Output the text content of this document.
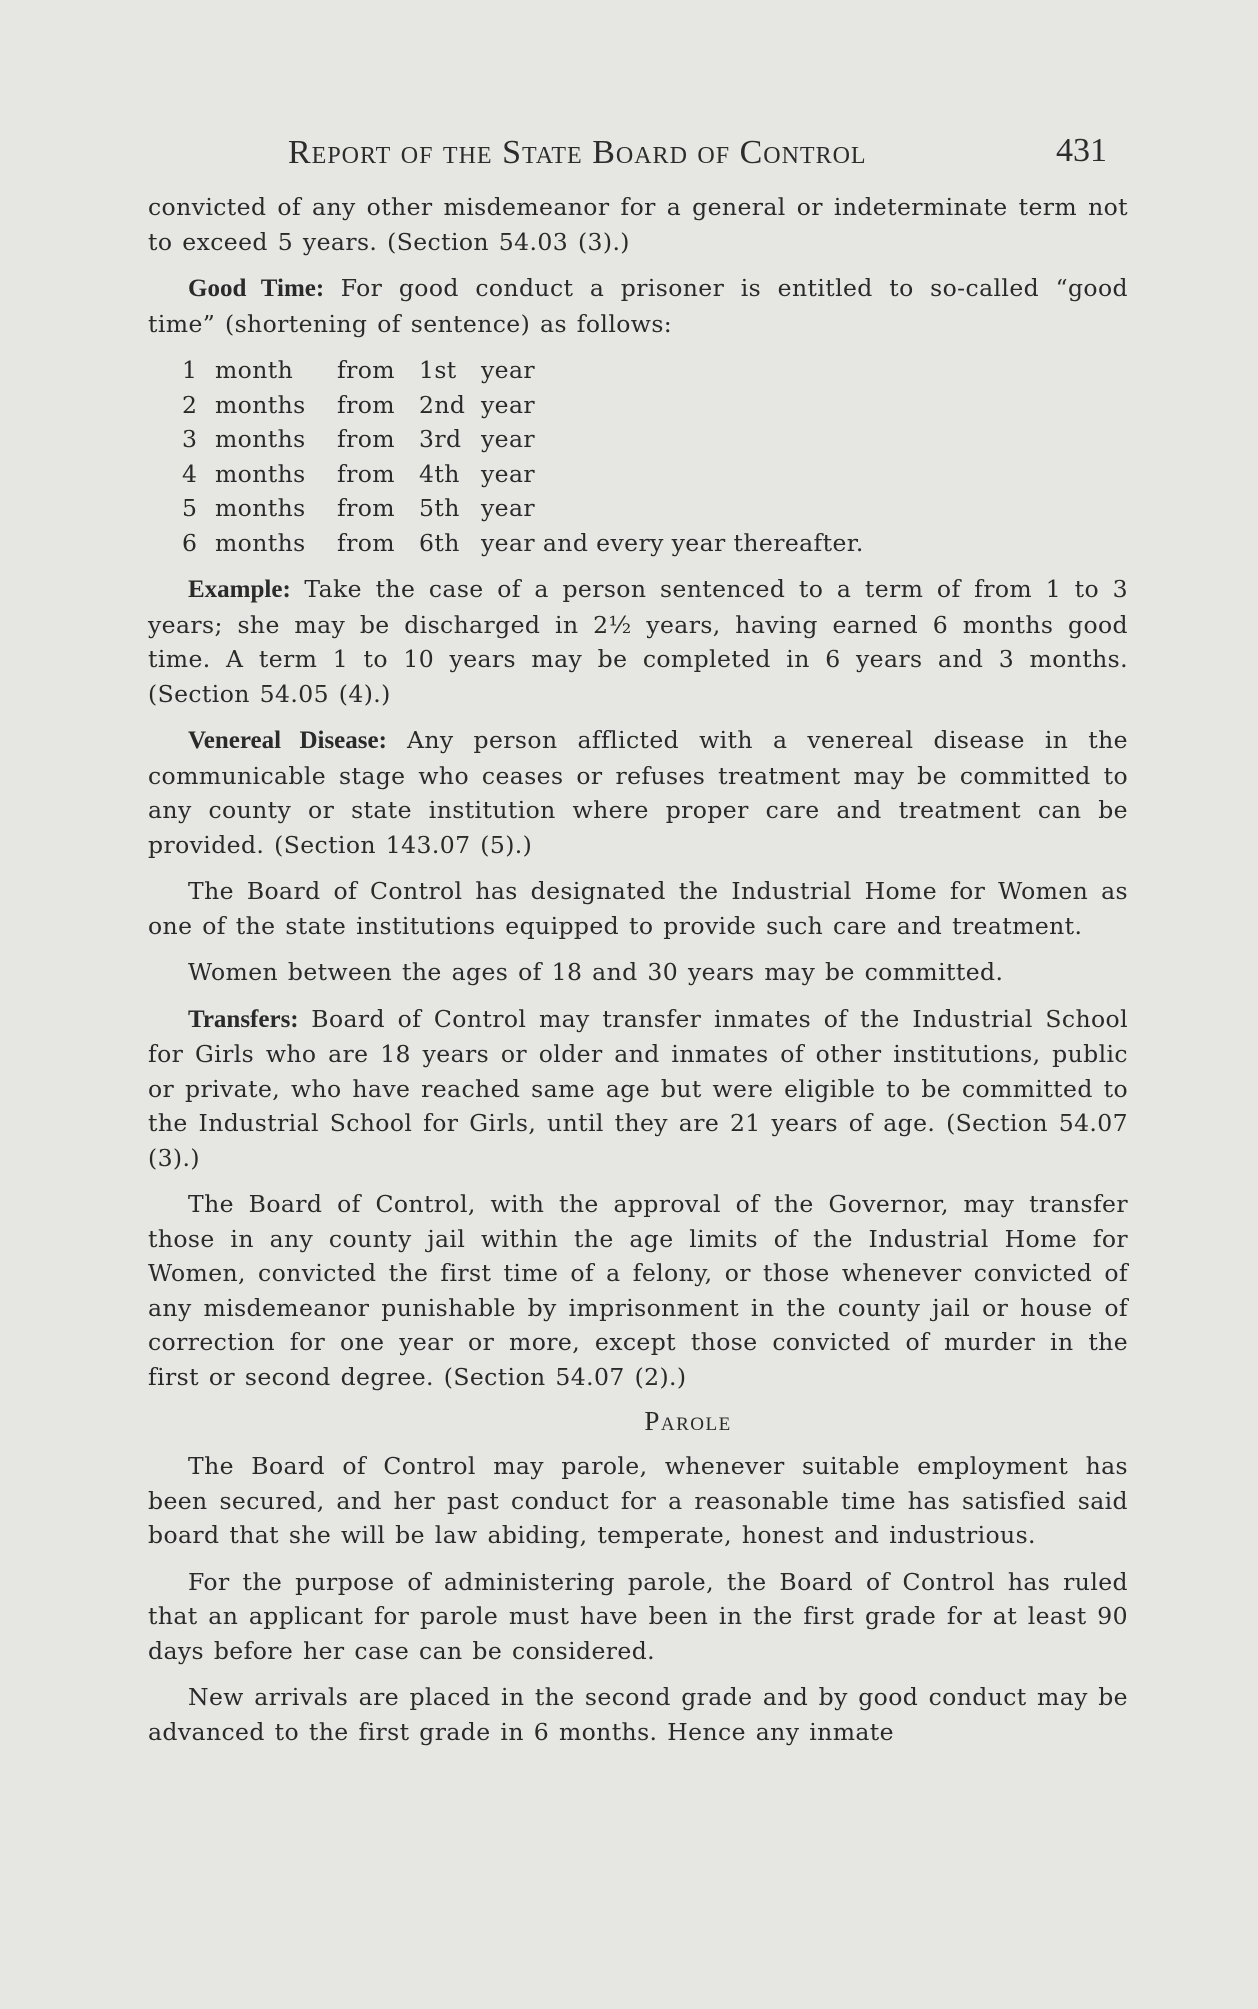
Report of the State Board of Control	431

convicted of any other misdemeanor for a general or indeterminate term not to exceed 5 years. (Section 54.03 (3).)

Good Time: For good conduct a prisoner is entitled to so-called “good time” (shortening of sentence) as follows:

1 month	from	1st	year
2 months	from	2nd year
3 months	from	3rd year
4 months	from	4th year
5 months	from	5th year
6 months	from	6th year and every year thereafter.

Example: Take the case of a person sentenced to a term of from 1 to 3 years; she may be discharged in 2½ years, having earned 6 months good time. A term 1 to 10 years may be completed in 6 years and 3 months. (Section 54.05 (4).)

Venereal Disease: Any person afflicted with a venereal disease in the communicable stage who ceases or refuses treatment may be committed to any county or state institution where proper care and treatment can be provided. (Section 143.07 (5).)

The Board of Control has designated the Industrial Home for Women as one of the state institutions equipped to provide such care and treatment.

Women between the ages of 18 and 30 years may be committed.

Transfers: Board of Control may transfer inmates of the Industrial School for Girls who are 18 years or older and inmates of other institutions, public or private, who have reached same age but were eligible to be committed to the Industrial School for Girls, until they are 21 years of age. (Section 54.07 (3).)

The Board of Control, with the approval of the Governor, may transfer those in any county jail within the age limits of the Industrial Home for Women, convicted the first time of a felony, or those whenever convicted of any misdemeanor punishable by imprisonment in the county jail or house of correction for one year or more, except those convicted of murder in the first or second degree. (Section 54.07 (2).)

Parole

The Board of Control may parole, whenever suitable employment has been secured, and her past conduct for a reasonable time has satisfied said board that she will be law abiding, temperate, honest and industrious.

For the purpose of administering parole, the Board of Control has ruled that an applicant for parole must have been in the first grade for at least 90 days before her case can be considered.

New arrivals are placed in the second grade and by good conduct may be advanced to the first grade in 6 months. Hence any inmate
